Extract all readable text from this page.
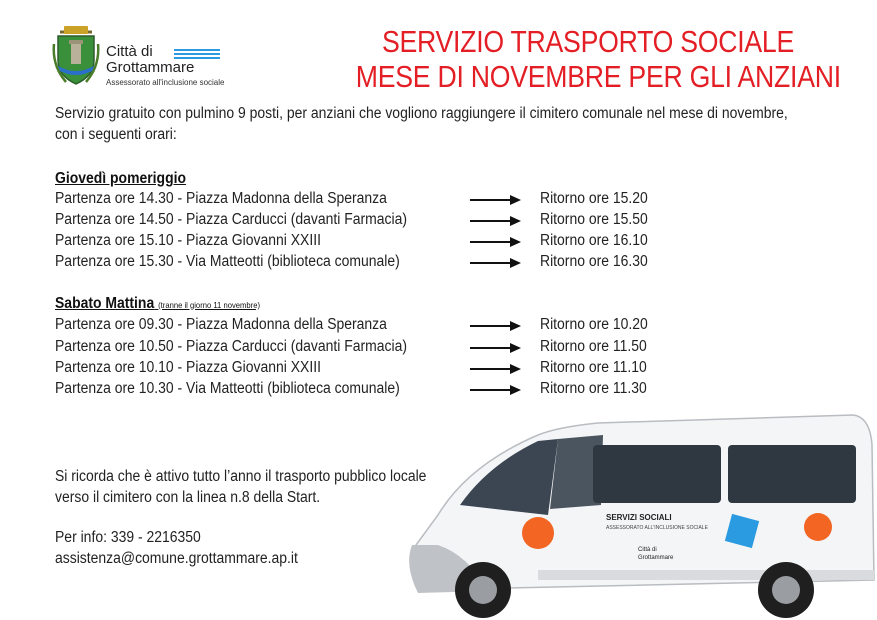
Città di
Grottammare
Assessorato all'inclusione sociale
SERVIZIO TRASPORTO SOCIALE
MESE DI NOVEMBRE PER GLI ANZIANI
Servizio gratuito con pulmino 9 posti, per anziani che vogliono raggiungere il cimitero comunale nel mese di novembre,
con i seguenti orari:
Giovedì pomeriggio
Partenza ore 14.30 - Piazza Madonna della Speranza	Ritorno ore 15.20
Partenza ore 14.50 - Piazza Carducci (davanti Farmacia)	Ritorno ore 15.50
Partenza ore 15.10 - Piazza Giovanni XXIII	Ritorno ore 16.10
Partenza ore 15.30 - Via Matteotti (biblioteca comunale)	Ritorno ore 16.30
Sabato Mattina (tranne il giorno 11 novembre)
Partenza ore 09.30 - Piazza Madonna della Speranza	Ritorno ore 10.20
Partenza ore 10.50 - Piazza Carducci (davanti Farmacia)	Ritorno ore 11.50
Partenza ore 10.10 - Piazza Giovanni XXIII	Ritorno ore 11.10
Partenza ore 10.30 - Via Matteotti (biblioteca comunale)	Ritorno ore 11.30
Si ricorda che è attivo tutto l’anno il trasporto pubblico locale
verso il cimitero con la linea n.8 della Start.
Per info: 339 - 2216350
assistenza@comune.grottammare.ap.it
SERVIZI SOCIALI
ASSESSORATO ALL'INCLUSIONE SOCIALE
Città di
Grottammare
